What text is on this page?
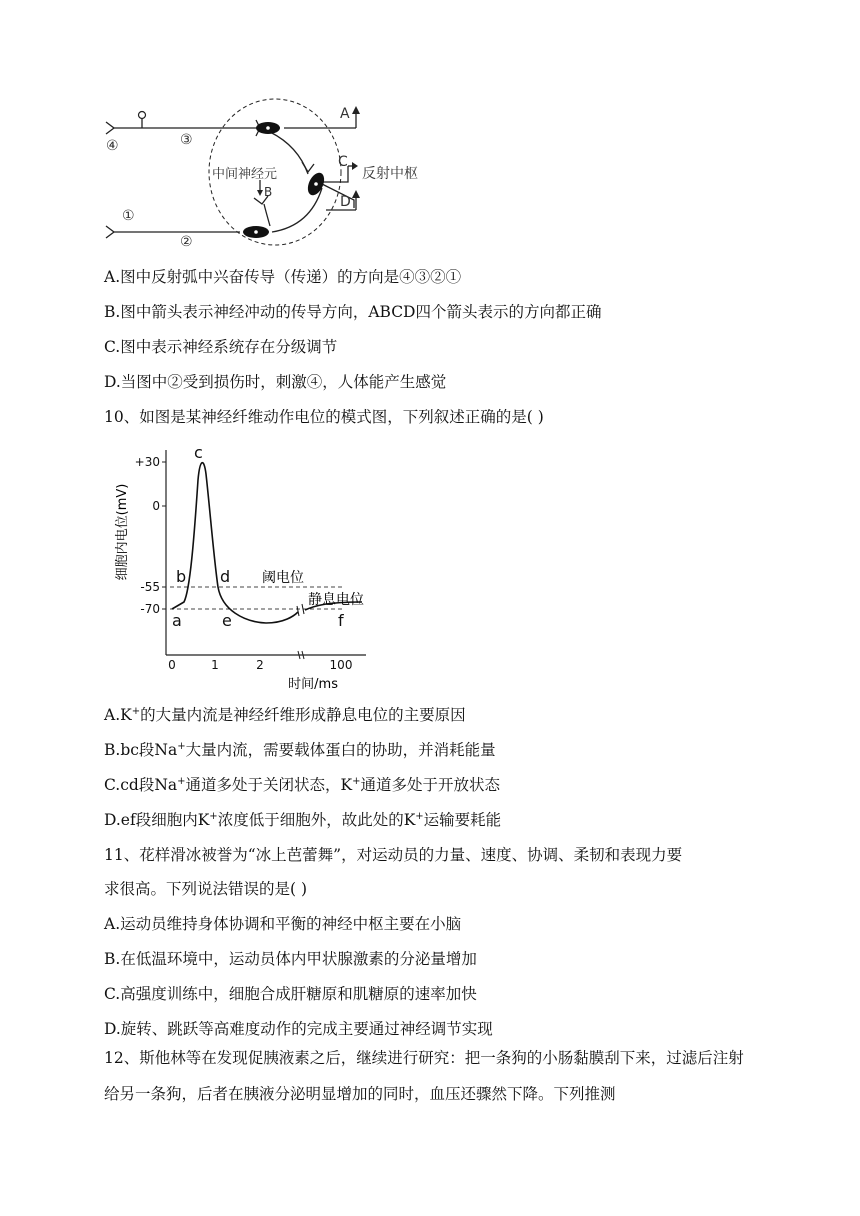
④	③
①
②
A
C
D
B
中间神经元	反射中枢
A.图中反射弧中兴奋传导（传递）的方向是④③②①
B.图中箭头表示神经冲动的传导方向，ABCD四个箭头表示的方向都正确
C.图中表示神经系统存在分级调节
D.当图中②受到损伤时，刺激④，人体能产生感觉
10、如图是某神经纤维动作电位的模式图，下列叙述正确的是( )
+30
0
-55
-70
0	1	2	100
时间/ms
细胞内电位(mV)
a
b
c
d
e	f
阈电位
静息电位
A.K+的大量内流是神经纤维形成静息电位的主要原因
B.bc段Na+大量内流，需要载体蛋白的协助，并消耗能量
C.cd段Na+通道多处于关闭状态，K+通道多处于开放状态
D.ef段细胞内K+浓度低于细胞外，故此处的K+运输要耗能
11、花样滑冰被誉为“冰上芭蕾舞”，对运动员的力量、速度、协调、柔韧和表现力要
求很高。下列说法错误的是( )
A.运动员维持身体协调和平衡的神经中枢主要在小脑
B.在低温环境中，运动员体内甲状腺激素的分泌量增加
C.高强度训练中，细胞合成肝糖原和肌糖原的速率加快
D.旋转、跳跃等高难度动作的完成主要通过神经调节实现
12、斯他林等在发现促胰液素之后，继续进行研究：把一条狗的小肠黏膜刮下来，过滤后注射给另一条狗，后者在胰液分泌明显增加的同时，血压还骤然下降。下列推测
